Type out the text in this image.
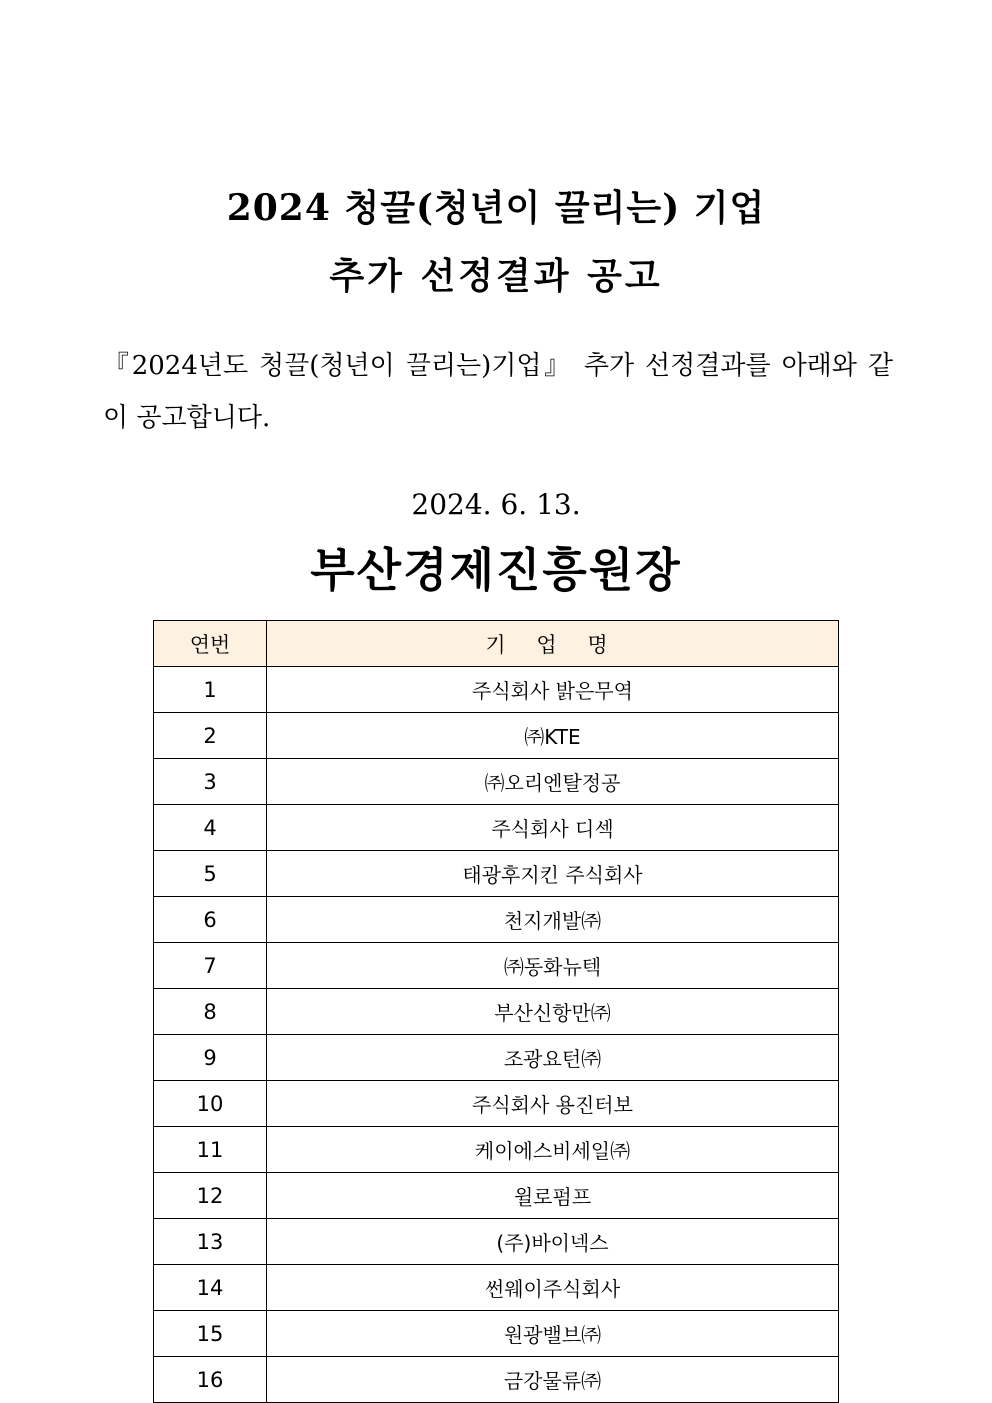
2024 청끌(청년이 끌리는) 기업
추가 선정결과 공고
『2024년도 청끌(청년이 끌리는)기업』 추가 선정결과를 아래와 같이 공고합니다.
2024. 6. 13.
부산경제진흥원장
연번	기 업 명
1	주식회사 밝은무역
2	㈜KTE
3	㈜오리엔탈정공
4	주식회사 디섹
5	태광후지킨 주식회사
6	천지개발㈜
7	㈜동화뉴텍
8	부산신항만㈜
9	조광요턴㈜
10	주식회사 용진터보
11	케이에스비세일㈜
12	윌로펌프
13	(주)바이넥스
14	썬웨이주식회사
15	원광밸브㈜
16	금강물류㈜
